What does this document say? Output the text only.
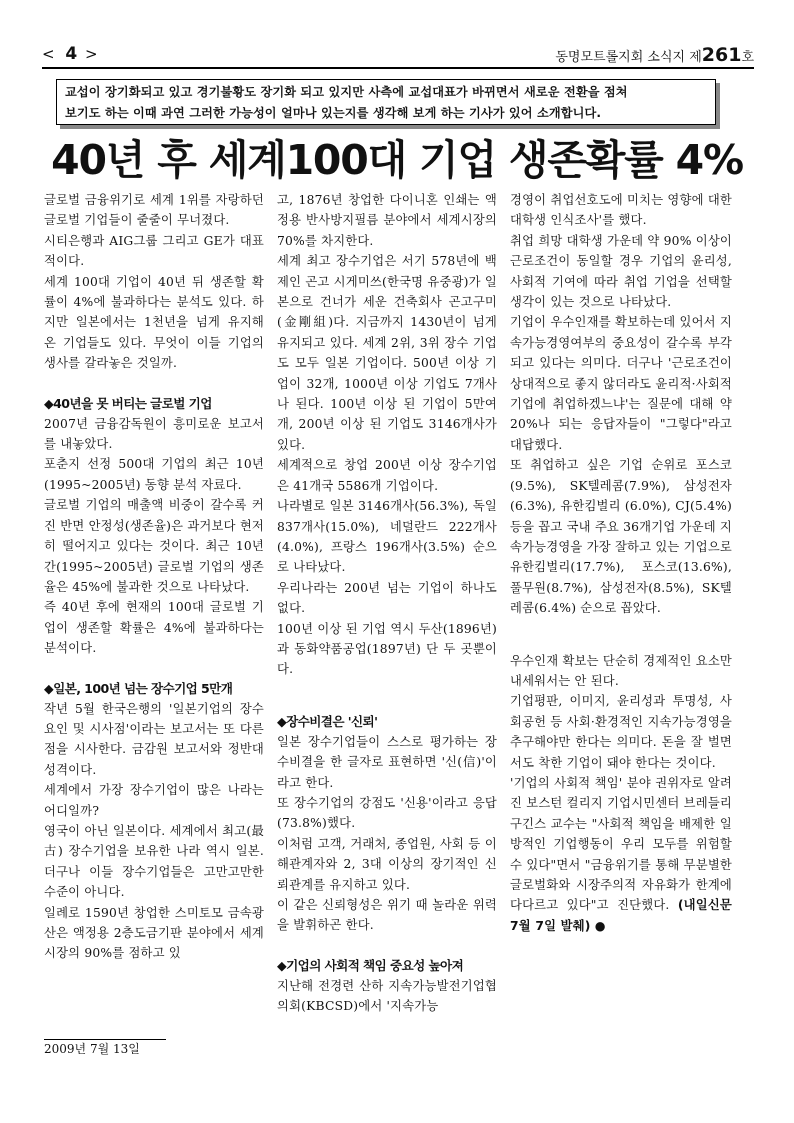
< 4 >	동명모트롤지회 소식지 제261호
교섭이 장기화되고 있고 경기불황도 장기화 되고 있지만 사측에 교섭대표가 바뀌면서 새로운 전환을 점쳐
보기도 하는 이때 과연 그러한 가능성이 얼마나 있는지를 생각해 보게 하는 기사가 있어 소개합니다.
40년 후 세계100대 기업 생존확률 4%

글로벌 금융위기로 세계 1위를 자랑하던 글로벌 기업들이 줄줄이 무너졌다.

시티은행과 AIG그룹 그리고 GE가 대표적이다.

세계 100대 기업이 40년 뒤 생존할 확률이 4%에 불과하다는 분석도 있다. 하지만 일본에서는 1천년을 넘게 유지해 온 기업들도 있다. 무엇이 이들 기업의 생사를 갈라놓은 것일까.

◆40년을 못 버티는 글로벌 기업

2007년 금융감독원이 흥미로운 보고서를 내놓았다.

포춘지 선정 500대 기업의 최근 10년(1995~2005년) 동향 분석 자료다.

글로벌 기업의 매출액 비중이 갈수록 커진 반면 안정성(생존율)은 과거보다 현저히 떨어지고 있다는 것이다. 최근 10년간(1995~2005년) 글로벌 기업의 생존율은 45%에 불과한 것으로 나타났다.

즉 40년 후에 현재의 100대 글로벌 기업이 생존할 확률은 4%에 불과하다는 분석이다.

◆일본, 100년 넘는 장수기업 5만개

작년 5월 한국은행의 '일본기업의 장수요인 및 시사점'이라는 보고서는 또 다른 점을 시사한다. 금감원 보고서와 정반대 성격이다.

세계에서 가장 장수기업이 많은 나라는 어디일까?

영국이 아닌 일본이다. 세계에서 최고(最古) 장수기업을 보유한 나라 역시 일본. 더구나 이들 장수기업들은 고만고만한 수준이 아니다.

일례로 1590년 창업한 스미토모 금속광산은 액정용 2층도금기판 분야에서 세계시장의 90%를 점하고 있

고, 1876년 창업한 다이니혼 인쇄는 액정용 반사방지필름 분야에서 세계시장의 70%를 차지한다.

세계 최고 장수기업은 서기 578년에 백제인 곤고 시게미쓰(한국명 유중광)가 일본으로 건너가 세운 건축회사 곤고구미(金剛組)다. 지금까지 1430년이 넘게 유지되고 있다. 세계 2위, 3위 장수 기업도 모두 일본 기업이다. 500년 이상 기업이 32개, 1000년 이상 기업도 7개사나 된다. 100년 이상 된 기업이 5만여개, 200년 이상 된 기업도 3146개사가 있다.

세계적으로 창업 200년 이상 장수기업은 41개국 5586개 기업이다.

나라별로 일본 3146개사(56.3%), 독일 837개사(15.0%), 네덜란드 222개사(4.0%), 프랑스 196개사(3.5%) 순으로 나타났다.

우리나라는 200년 넘는 기업이 하나도 없다.

100년 이상 된 기업 역시 두산(1896년)과 동화약품공업(1897년) 단 두 곳뿐이다.

◆장수비결은 '신뢰'

일본 장수기업들이 스스로 평가하는 장수비결을 한 글자로 표현하면 '신(信)'이라고 한다.

또 장수기업의 강점도 '신용'이라고 응답(73.8%)했다.

이처럼 고객, 거래처, 종업원, 사회 등 이해관계자와 2, 3대 이상의 장기적인 신뢰관계를 유지하고 있다.

이 같은 신뢰형성은 위기 때 놀라운 위력을 발휘하곤 한다.

◆기업의 사회적 책임 중요성 높아져

지난해 전경련 산하 지속가능발전기업협의회(KBCSD)에서 '지속가능

경영이 취업선호도에 미치는 영향에 대한 대학생 인식조사'를 했다.

취업 희망 대학생 가운데 약 90% 이상이 근로조건이 동일할 경우 기업의 윤리성, 사회적 기여에 따라 취업 기업을 선택할 생각이 있는 것으로 나타났다.

기업이 우수인재를 확보하는데 있어서 지속가능경영여부의 중요성이 갈수록 부각되고 있다는 의미다. 더구나 '근로조건이 상대적으로 좋지 않더라도 윤리적·사회적 기업에 취업하겠느냐'는 질문에 대해 약 20%나 되는 응답자들이 "그렇다"라고 대답했다.

또 취업하고 싶은 기업 순위로 포스코(9.5%), SK텔레콤(7.9%), 삼성전자(6.3%), 유한킴벌리 (6.0%), CJ(5.4%) 등을 꼽고 국내 주요 36개기업 가운데 지속가능경영을 가장 잘하고 있는 기업으로 유한킴벌리(17.7%), 포스코(13.6%), 풀무원(8.7%), 삼성전자(8.5%), SK텔레콤(6.4%) 순으로 꼽았다.

우수인재 확보는 단순히 경제적인 요소만 내세워서는 안 된다.

기업평판, 이미지, 윤리성과 투명성, 사회공헌 등 사회·환경적인 지속가능경영을 추구해야만 한다는 의미다. 돈을 잘 벌면서도 착한 기업이 돼야 한다는 것이다.

'기업의 사회적 책임' 분야 권위자로 알려진 보스턴 컬리지 기업시민센터 브레들리 구긴스 교수는 "사회적 책임을 배제한 일방적인 기업행동이 우리 모두를 위험할 수 있다"면서 "금융위기를 통해 무분별한 글로벌화와 시장주의적 자유화가 한계에 다다르고 있다"고 진단했다. (내일신문 7월 7일 발췌) ●

2009년 7월 13일
